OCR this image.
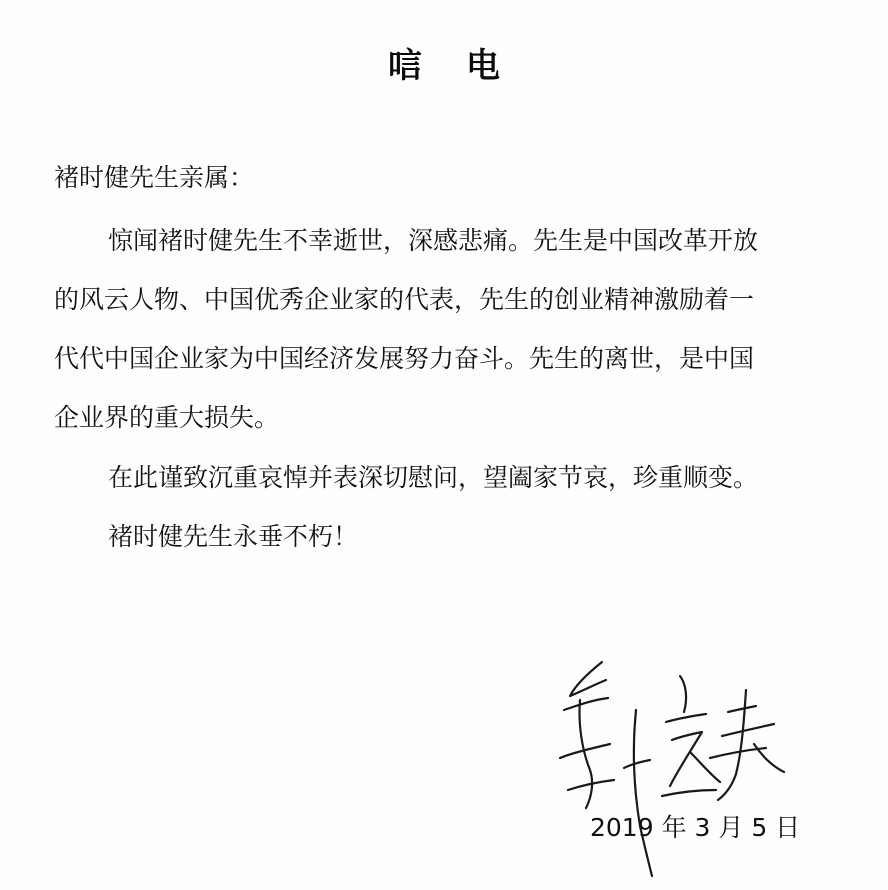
唁电
褚时健先生亲属：
惊闻褚时健先生不幸逝世，深感悲痛。先生是中国改革开放
的风云人物、中国优秀企业家的代表，先生的创业精神激励着一
代代中国企业家为中国经济发展努力奋斗。先生的离世，是中国
企业界的重大损失。
在此谨致沉重哀悼并表深切慰问，望阖家节哀，珍重顺变。
褚时健先生永垂不朽！
2019 年 3 月 5 日
